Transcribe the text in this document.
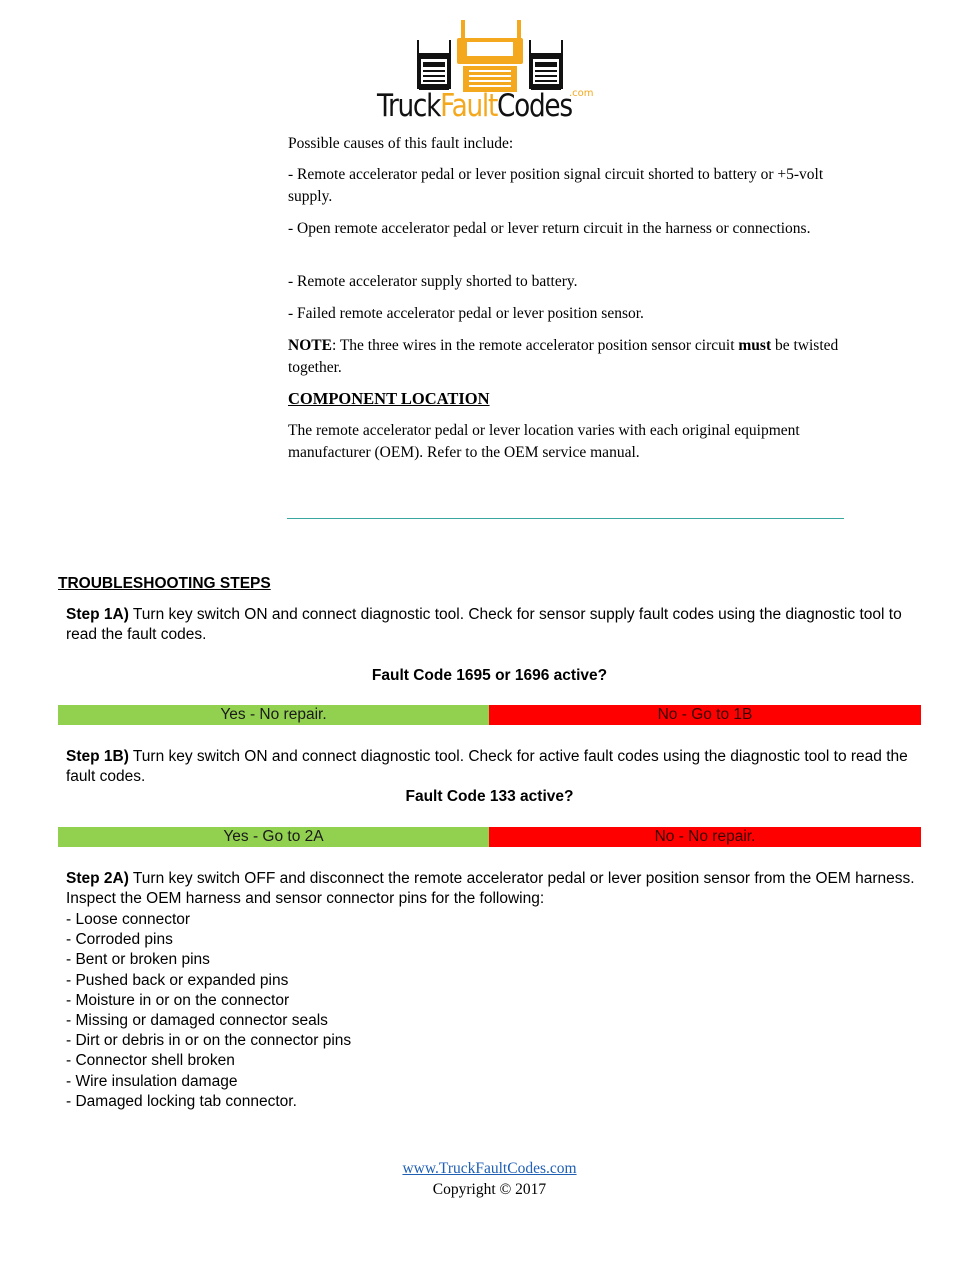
TruckFaultCodes
.com
Possible causes of this fault include:
- Remote accelerator pedal or lever position signal circuit shorted to battery or +5-volt supply.
- Open remote accelerator pedal or lever return circuit in the harness or connections.
- Remote accelerator supply shorted to battery.
- Failed remote accelerator pedal or lever position sensor.
NOTE: The three wires in the remote accelerator position sensor circuit must be twisted together.
COMPONENT LOCATION
The remote accelerator pedal or lever location varies with each original equipment manufacturer (OEM). Refer to the OEM service manual.
TROUBLESHOOTING STEPS
Step 1A) Turn key switch ON and connect diagnostic tool. Check for sensor supply fault codes using the diagnostic tool to read the fault codes.
Fault Code 1695 or 1696 active?
Yes - No repair.	No - Go to 1B
Step 1B) Turn key switch ON and connect diagnostic tool. Check for active fault codes using the diagnostic tool to read the fault codes.
Fault Code 133 active?
Yes - Go to 2A	No - No repair.
Step 2A) Turn key switch OFF and disconnect the remote accelerator pedal or lever position sensor from the OEM harness. Inspect the OEM harness and sensor connector pins for the following:
- Loose connector
- Corroded pins
- Bent or broken pins
- Pushed back or expanded pins
- Moisture in or on the connector
- Missing or damaged connector seals
- Dirt or debris in or on the connector pins
- Connector shell broken
- Wire insulation damage
- Damaged locking tab connector.
www.TruckFaultCodes.com
Copyright © 2017
